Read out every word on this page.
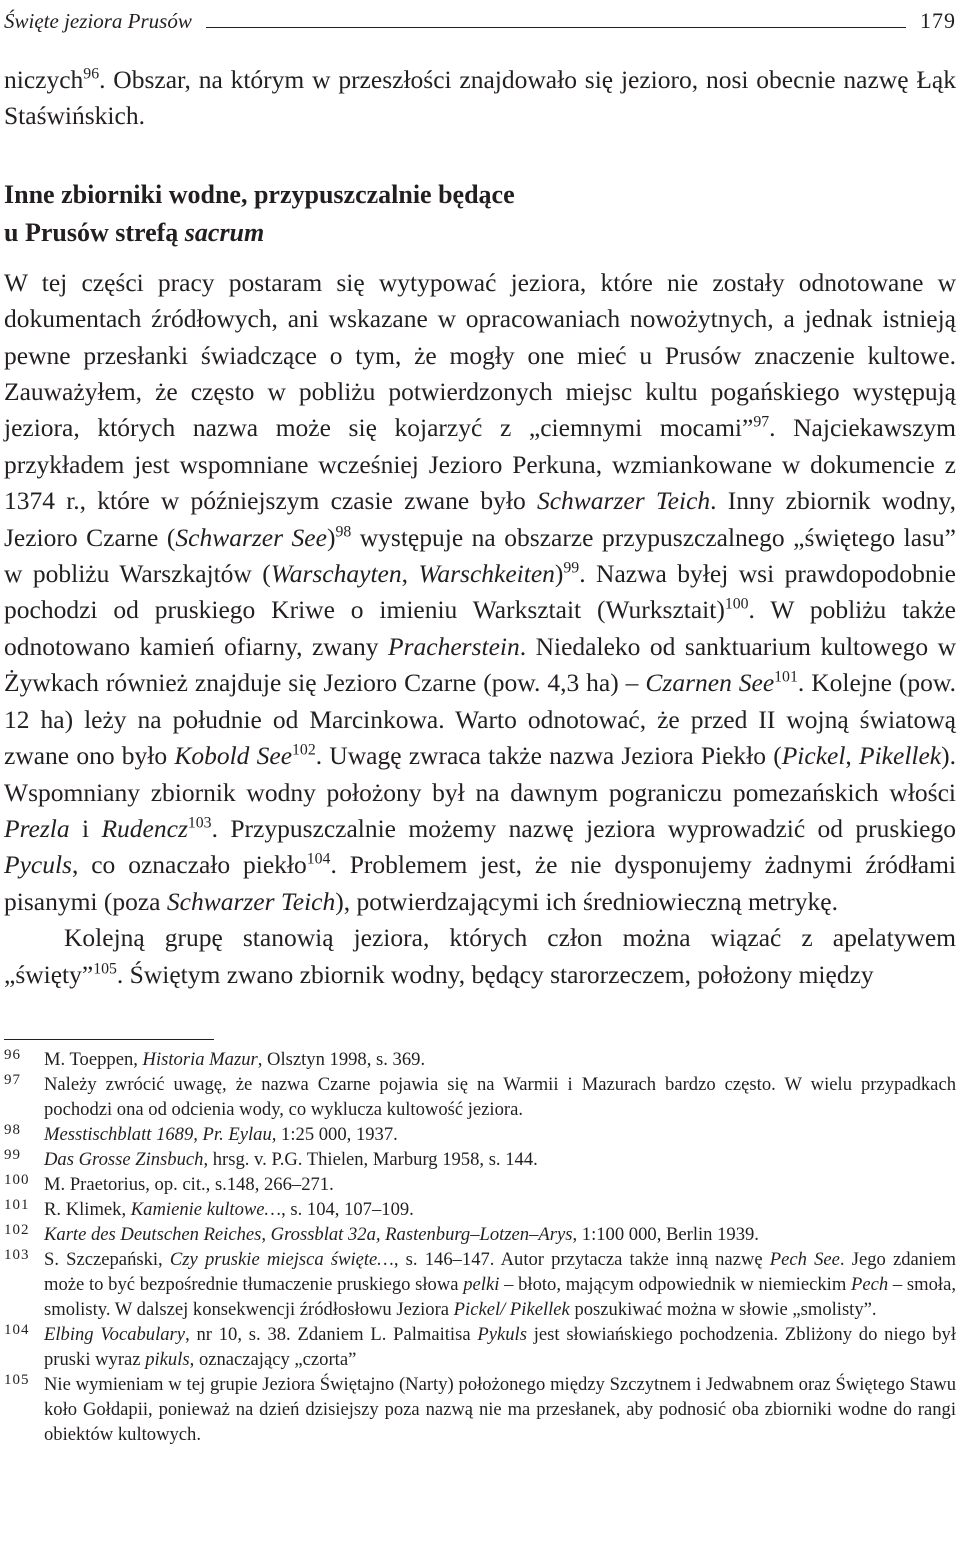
Święte jeziora Prusów	179

niczych$^{96}$. Obszar, na którym w przeszłości znajdowało się jezioro, nosi obecnie nazwę Łąk Staświńskich.

Inne zbiorniki wodne, przypuszczalnie będące
u Prusów strefą sacrum

W tej części pracy postaram się wytypować jeziora, które nie zostały odnotowane w dokumentach źródłowych, ani wskazane w opracowaniach nowożytnych, a jednak istnieją pewne przesłanki świadczące o tym, że mogły one mieć u Prusów znaczenie kultowe. Zauważyłem, że często w pobliżu potwierdzonych miejsc kultu pogańskiego występują jeziora, których nazwa może się kojarzyć z „ciemnymi mocami”$^{97}$. Najciekawszym przykładem jest wspomniane wcześniej Jezioro Perkuna, wzmiankowane w dokumencie z 1374 r., które w późniejszym czasie zwane było Schwarzer Teich. Inny zbiornik wodny, Jezioro Czarne (Schwarzer See)$^{98}$ występuje na obszarze przypuszczalnego „świętego lasu” w pobliżu Warszkajtów (Warschayten, Warschkeiten)$^{99}$. Nazwa byłej wsi prawdopodobnie pochodzi od pruskiego Kriwe o imieniu Warksztait (Wurksztait)$^{100}$. W pobliżu także odnotowano kamień ofiarny, zwany Pracherstein. Niedaleko od sanktuarium kultowego w Żywkach również znajduje się Jezioro Czarne (pow. 4,3 ha) – Czarnen See$^{101}$. Kolejne (pow. 12 ha) leży na południe od Marcinkowa. Warto odnotować, że przed II wojną światową zwane ono było Kobold See$^{102}$. Uwagę zwraca także nazwa Jeziora Piekło (Pickel, Pikellek). Wspomniany zbiornik wodny położony był na dawnym pograniczu pomezańskich włości Prezla i Rudencz$^{103}$. Przypuszczalnie możemy nazwę jeziora wyprowadzić od pruskiego Pyculs, co oznaczało piekło$^{104}$. Problemem jest, że nie dysponujemy żadnymi źródłami pisanymi (poza Schwarzer Teich), potwierdzającymi ich średniowieczną metrykę.

Kolejną grupę stanowią jeziora, których człon można wiązać z apelatywem „święty”$^{105}$. Świętym zwano zbiornik wodny, będący starorzeczem, położony między

96	M. Toeppen, Historia Mazur, Olsztyn 1998, s. 369.
97	Należy zwrócić uwagę, że nazwa Czarne pojawia się na Warmii i Mazurach bardzo często. W wielu przypadkach pochodzi ona od odcienia wody, co wyklucza kultowość jeziora.
98	Messtischblatt 1689, Pr. Eylau, 1:25 000, 1937.
99	Das Grosse Zinsbuch, hrsg. v. P.G. Thielen, Marburg 1958, s. 144.
100 M. Praetorius, op. cit., s.148, 266–271.
101 R. Klimek, Kamienie kultowe…, s. 104, 107–109.
102 Karte des Deutschen Reiches, Grossblat 32a, Rastenburg–Lotzen–Arys, 1:100 000, Berlin 1939.
103 S. Szczepański, Czy pruskie miejsca święte…, s. 146–147. Autor przytacza także inną nazwę Pech See. Jego zdaniem może to być bezpośrednie tłumaczenie pruskiego słowa pelki – błoto, mającym odpowiednik w niemieckim Pech – smoła, smolisty. W dalszej konsekwencji źródłosłowu Jeziora Pickel/ Pikellek poszukiwać można w słowie „smolisty”.
104 Elbing Vocabulary, nr 10, s. 38. Zdaniem L. Palmaitisa Pykuls jest słowiańskiego pochodzenia. Zbliżony do niego był pruski wyraz pikuls, oznaczający „czorta”
105 Nie wymieniam w tej grupie Jeziora Świętajno (Narty) położonego między Szczytnem i Jedwabnem oraz Świętego Stawu koło Gołdapii, ponieważ na dzień dzisiejszy poza nazwą nie ma przesłanek, aby podnosić oba zbiorniki wodne do rangi obiektów kultowych.
